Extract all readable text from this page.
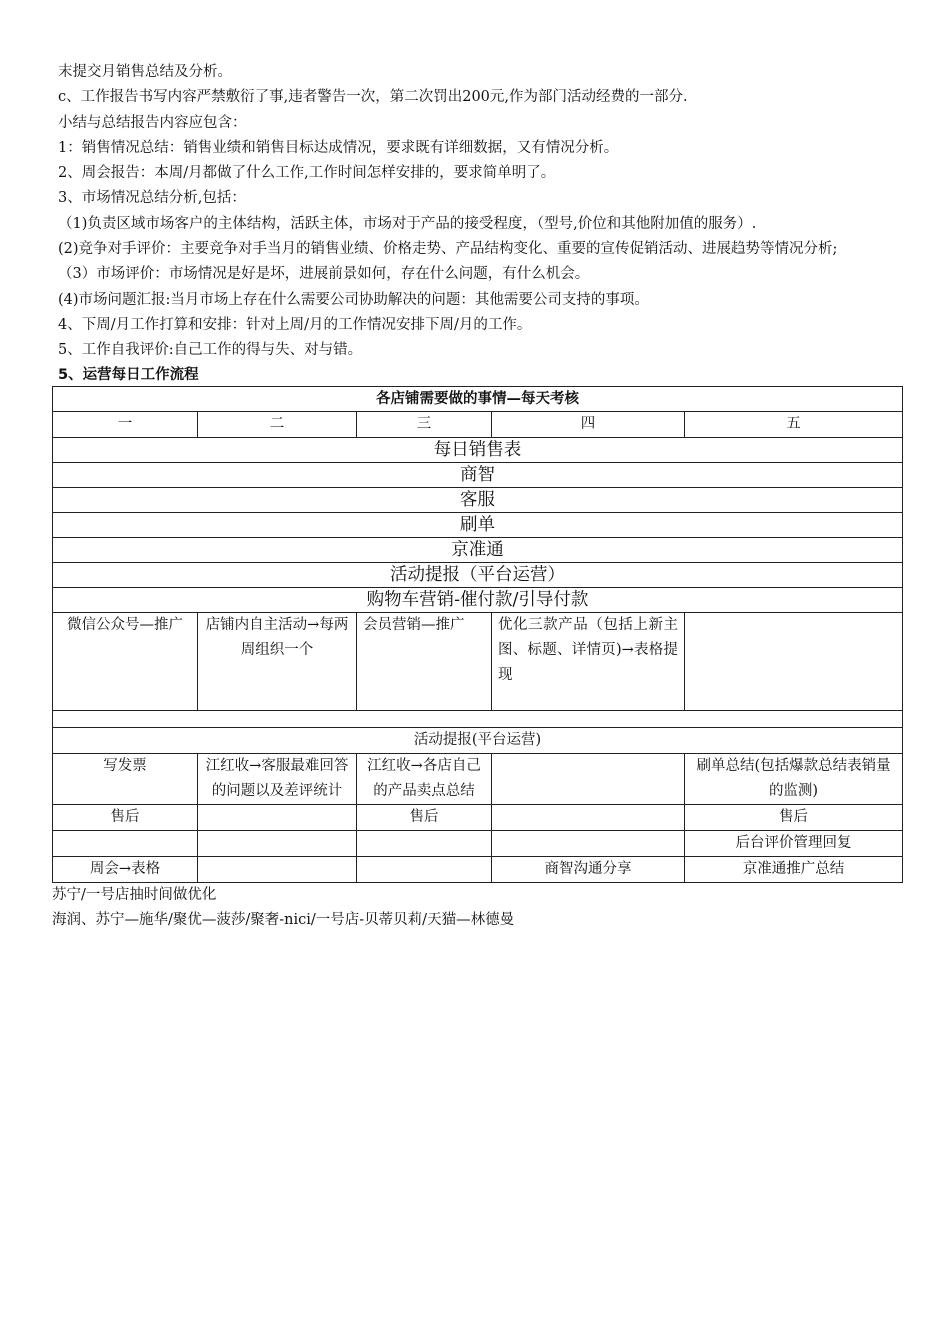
末提交月销售总结及分析。

c、工作报告书写内容严禁敷衍了事,违者警告一次，第二次罚出200元,作为部门活动经费的一部分.

小结与总结报告内容应包含：

1：销售情况总结：销售业绩和销售目标达成情况，要求既有详细数据，又有情况分析。

2、周会报告：本周/月都做了什么工作,工作时间怎样安排的，要求简单明了。

3、市场情况总结分析,包括：

（1)负责区域市场客户的主体结构，活跃主体，市场对于产品的接受程度，（型号,价位和其他附加值的服务）.

(2)竞争对手评价：主要竞争对手当月的销售业绩、价格走势、产品结构变化、重要的宣传促销活动、进展趋势等情况分析;

（3）市场评价：市场情况是好是坏，进展前景如何，存在什么问题，有什么机会。

(4)市场问题汇报:当月市场上存在什么需要公司协助解决的问题：其他需要公司支持的事项。

4、下周/月工作打算和安排：针对上周/月的工作情况安排下周/月的工作。

5、工作自我评价:自己工作的得与失、对与错。

5、运营每日工作流程

各店铺需要做的事情—每天考核				
一	二	三	四	五
每日销售表				
商智				
客服				
刷单				
京准通				
活动提报（平台运营）				
购物车营销-催付款/引导付款				
微信公众号—推广	店铺内自主活动→每两周组织一个	会员营销—推广	优化三款产品（包括上新主图、标题、详情页)→表格提现	

活动提报(平台运营)				
写发票	江红收→客服最难回答的问题以及差评统计	江红收→各店自己的产品卖点总结		刷单总结(包括爆款总结表销量的监测)
售后		售后		售后
				后台评价管理回复
周会→表格			商智沟通分享	京准通推广总结

苏宁/一号店抽时间做优化

海润、苏宁—施华/聚优—菠莎/聚奢-nici/一号店-贝蒂贝莉/天猫—林德曼
